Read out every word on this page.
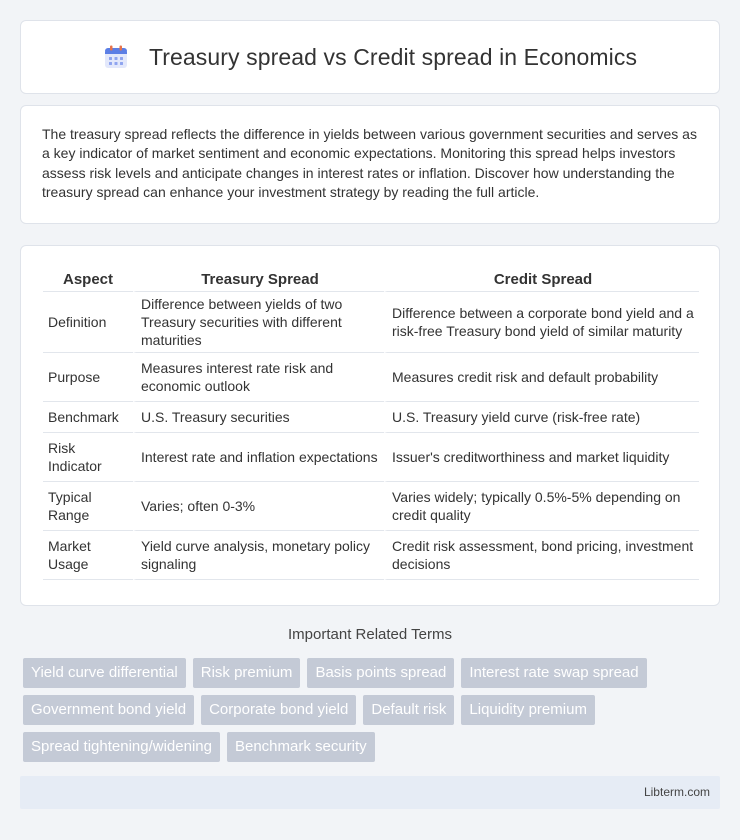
Treasury spread vs Credit spread in Economics

The treasury spread reflects the difference in yields between various government securities and serves as a key indicator of market sentiment and economic expectations. Monitoring this spread helps investors assess risk levels and anticipate changes in interest rates or inflation. Discover how understanding the treasury spread can enhance your investment strategy by reading the full article.

Aspect	Treasury Spread	Credit Spread
Definition	Difference between yields of two Treasury securities with different maturities	Difference between a corporate bond yield and a risk-free Treasury bond yield of similar maturity
Purpose	Measures interest rate risk and economic outlook	Measures credit risk and default probability
Benchmark	U.S. Treasury securities	U.S. Treasury yield curve (risk-free rate)
Risk Indicator	Interest rate and inflation expectations	Issuer's creditworthiness and market liquidity
Typical Range	Varies; often 0-3%	Varies widely; typically 0.5%-5% depending on credit quality
Market Usage	Yield curve analysis, monetary policy signaling	Credit risk assessment, bond pricing, investment decisions
Important Related Terms
Yield curve differential	Risk premium	Basis points spread	Interest rate swap spread
Government bond yield	Corporate bond yield	Default risk	Liquidity premium
Spread tightening/widening	Benchmark security
Libterm.com
